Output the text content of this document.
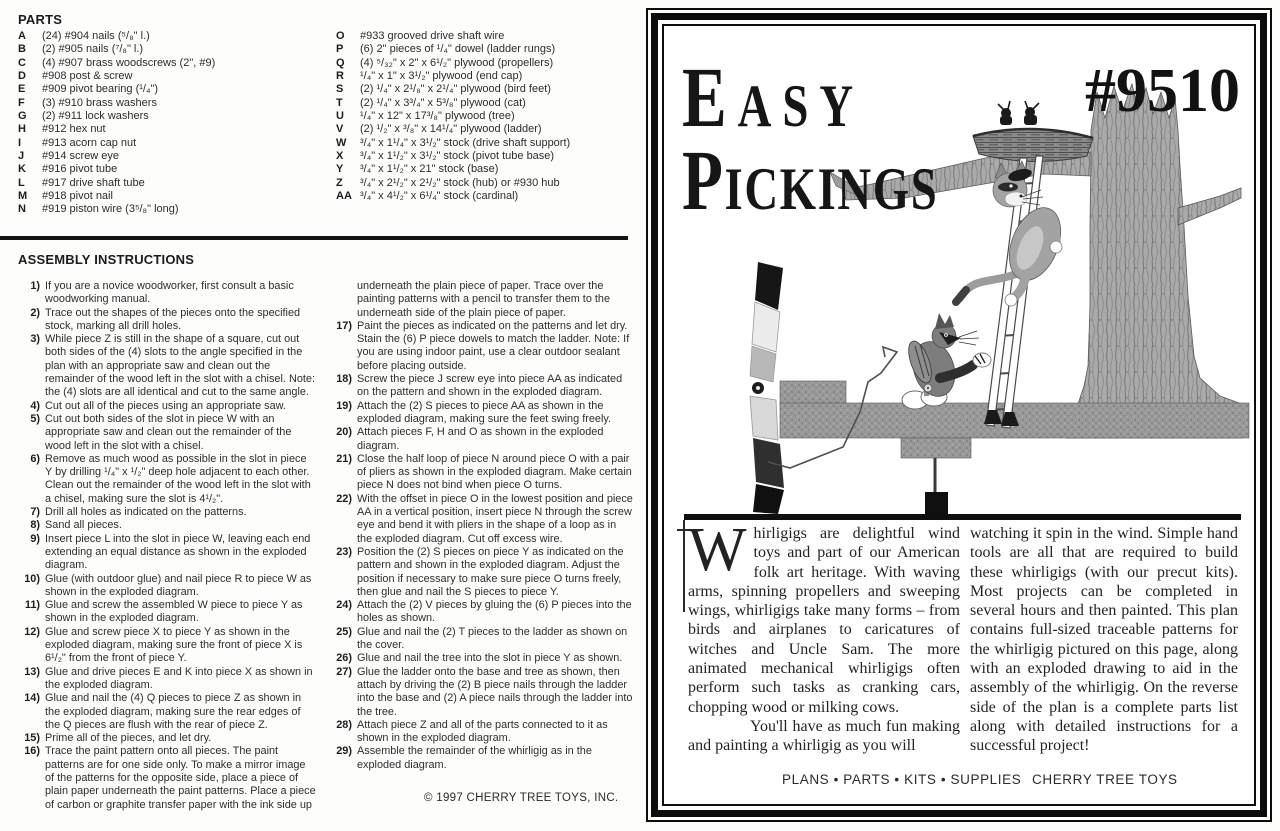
PARTS
A	(24) #904 nails (⁵/₈" l.)
B	(2) #905 nails (⁷/₈" l.)
C	(4) #907 brass woodscrews (2", #9)
D	#908 post & screw
E	#909 pivot bearing (¹/₄")
F	(3) #910 brass washers
G	(2) #911 lock washers
H	#912 hex nut
I	#913 acorn cap nut
J	#914 screw eye
K	#916 pivot tube
L	#917 drive shaft tube
M	#918 pivot nail
N	#919 piston wire (3⁵/₈" long)
O	#933 grooved drive shaft wire
P	(6) 2" pieces of ¹/₄" dowel (ladder rungs)
Q	(4) ⁵/₃₂" x 2" x 6¹/₂" plywood (propellers)
R	¹/₄" x 1" x 3¹/₂" plywood (end cap)
S	(2) ¹/₄" x 2¹/₈" x 2¹/₄" plywood (bird feet)
T	(2) ¹/₄" x 3³/₄" x 5³/₈" plywood (cat)
U	¹/₄" x 12" x 17³/₈" plywood (tree)
V	(2) ¹/₂" x ³/₈" x 14¹/₄" plywood (ladder)
W	³/₄" x 1¹/₄" x 3¹/₂" stock (drive shaft support)
X	³/₄" x 1¹/₂" x 3¹/₂" stock (pivot tube base)
Y	³/₄" x 1¹/₂" x 21" stock (base)
Z	³/₄" x 2¹/₂" x 2¹/₂" stock (hub) or #930 hub
AA ³/₄" x 4¹/₂" x 6¹/₄" stock (cardinal)
ASSEMBLY INSTRUCTIONS
1) If you are a novice woodworker, first consult a basic woodworking manual.
2) Trace out the shapes of the pieces onto the specified stock, marking all drill holes.
3) While piece Z is still in the shape of a square, cut out both sides of the (4) slots to the angle specified in the plan with an appropriate saw and clean out the remainder of the wood left in the slot with a chisel. Note: the (4) slots are all identical and cut to the same angle.
4) Cut out all of the pieces using an appropriate saw.
5) Cut out both sides of the slot in piece W with an appropriate saw and clean out the remainder of the wood left in the slot with a chisel.
6) Remove as much wood as possible in the slot in piece Y by drilling ¹/₄" x ¹/₂" deep hole adjacent to each other. Clean out the remainder of the wood left in the slot with a chisel, making sure the slot is 4¹/₂".
7) Drill all holes as indicated on the patterns.
8) Sand all pieces.
9) Insert piece L into the slot in piece W, leaving each end extending an equal distance as shown in the exploded diagram.
10) Glue (with outdoor glue) and nail piece R to piece W as shown in the exploded diagram.
11) Glue and screw the assembled W piece to piece Y as shown in the exploded diagram.
12) Glue and screw piece X to piece Y as shown in the exploded diagram, making sure the front of piece X is 6¹/₂" from the front of piece Y.
13) Glue and drive pieces E and K into piece X as shown in the exploded diagram.
14) Glue and nail the (4) Q pieces to piece Z as shown in the exploded diagram, making sure the rear edges of the Q pieces are flush with the rear of piece Z.
15) Prime all of the pieces, and let dry.
16) Trace the paint pattern onto all pieces. The paint patterns are for one side only. To make a mirror image of the patterns for the opposite side, place a piece of plain paper underneath the paint patterns. Place a piece of carbon or graphite transfer paper with the ink side up
underneath the plain piece of paper. Trace over the painting patterns with a pencil to transfer them to the underneath side of the plain piece of paper.
17) Paint the pieces as indicated on the patterns and let dry. Stain the (6) P piece dowels to match the ladder. Note: If you are using indoor paint, use a clear outdoor sealant before placing outside.
18) Screw the piece J screw eye into piece AA as indicated on the pattern and shown in the exploded diagram.
19) Attach the (2) S pieces to piece AA as shown in the exploded diagram, making sure the feet swing freely.
20) Attach pieces F, H and O as shown in the exploded diagram.
21) Close the half loop of piece N around piece O with a pair of pliers as shown in the exploded diagram. Make certain piece N does not bind when piece O turns.
22) With the offset in piece O in the lowest position and piece AA in a vertical position, insert piece N through the screw eye and bend it with pliers in the shape of a loop as in the exploded diagram. Cut off excess wire.
23) Position the (2) S pieces on piece Y as indicated on the pattern and shown in the exploded diagram. Adjust the position if necessary to make sure piece O turns freely, then glue and nail the S pieces to piece Y.
24) Attach the (2) V pieces by gluing the (6) P pieces into the holes as shown.
25) Glue and nail the (2) T pieces to the ladder as shown on the cover.
26) Glue and nail the tree into the slot in piece Y as shown.
27) Glue the ladder onto the base and tree as shown, then attach by driving the (2) B piece nails through the ladder into the base and (2) A piece nails through the ladder into the tree.
28) Attach piece Z and all of the parts connected to it as shown in the exploded diagram.
29) Assemble the remainder of the whirligig as in the exploded diagram.
© 1997 CHERRY TREE TOYS, INC.
EASY
PICKINGS
#9510

Whirligigs are delightful wind toys and part of our American folk art heritage. With waving arms, spinning propellers and sweeping wings, whirligigs take many forms – from birds and airplanes to caricatures of witches and Uncle Sam. The more animated mechanical whirligigs often perform such tasks as cranking cars, chopping wood or milking cows.

You'll have as much fun making and painting a whirligig as you will

watching it spin in the wind. Simple hand tools are all that are required to build these whirligigs (with our precut kits). Most projects can be completed in several hours and then painted. This plan contains full-sized traceable patterns for the whirligig pictured on this page, along with an exploded drawing to aid in the assembly of the whirligig. On the reverse side of the plan is a complete parts list along with detailed instructions for a successful project!

PLANS • PARTS • KITS • SUPPLIES CHERRY TREE TOYS
